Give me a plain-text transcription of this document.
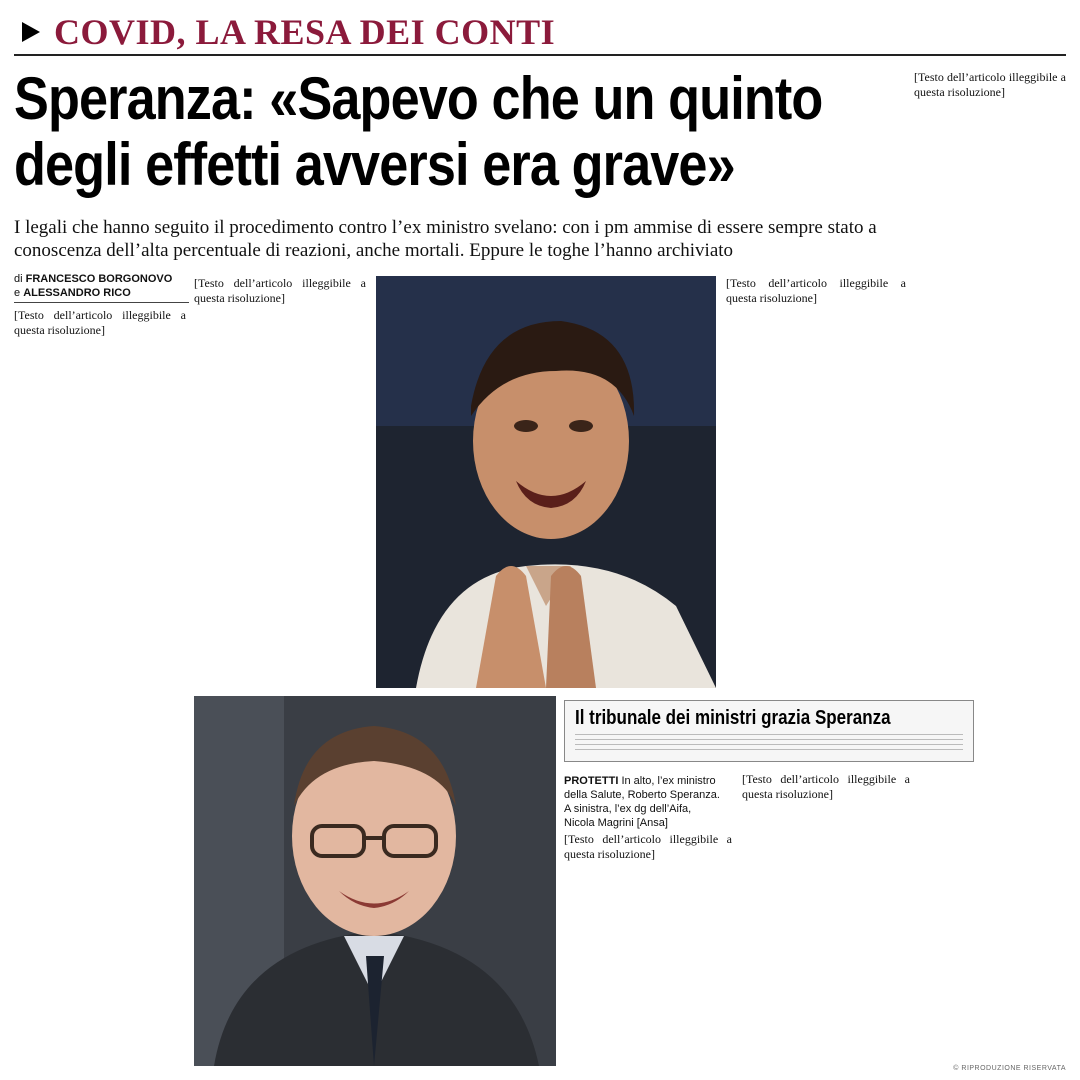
COVID, LA RESA DEI CONTI
Speranza: «Sapevo che un quinto
degli effetti avversi era grave»

I legali che hanno seguito il procedimento contro l’ex ministro svelano: con i pm ammise di essere sempre stato a conoscenza dell’alta percentuale di reazioni, anche mortali. Eppure le toghe l’hanno archiviato

[Testo dell’articolo illeggibile a questa risoluzione]
di FRANCESCO BORGONOVO
e ALESSANDRO RICO
[Testo dell’articolo illeggibile a questa risoluzione]
[Testo dell’articolo illeggibile a questa risoluzione]
[Testo dell’articolo illeggibile a questa risoluzione]
Il tribunale dei ministri grazia Speranza
PROTETTI In alto, l’ex ministro della Salute, Roberto Speranza. A sinistra, l’ex dg dell’Aifa, Nicola Magrini [Ansa]
[Testo dell’articolo illeggibile a questa risoluzione]
[Testo dell’articolo illeggibile a questa risoluzione]
© RIPRODUZIONE RISERVATA
